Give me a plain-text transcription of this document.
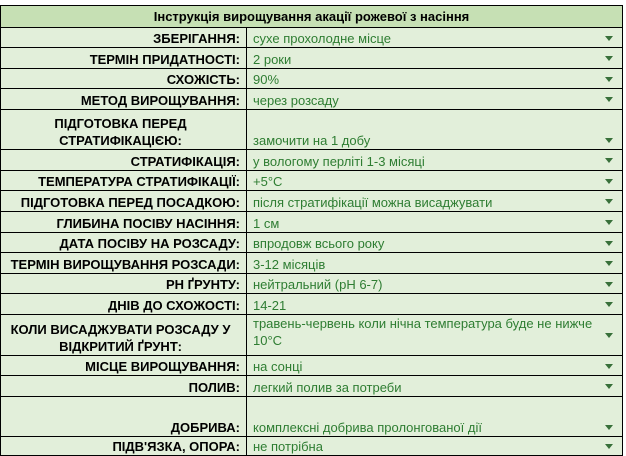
Інструкція вирощування акації рожевої з насіння	
ЗБЕРІГАННЯ:	сухе прохолодне місце

ТЕРМІН ПРИДАТНОСТІ:	2 роки

СХОЖІСТЬ:	90%

МЕТОД ВИРОЩУВАННЯ:	через розсаду

ПІДГОТОВКА ПЕРЕД СТРАТИФІКАЦІЄЮ:	замочити на 1 добу

СТРАТИФІКАЦІЯ:	у вологому перліті 1-3 місяці

ТЕМПЕРАТУРА СТРАТИФІКАЦІЇ:	+5°C

ПІДГОТОВКА ПЕРЕД ПОСАДКОЮ:	після стратифікації можна висаджувати

ГЛИБИНА ПОСІВУ НАСІННЯ:	1 см

ДАТА ПОСІВУ НА РОЗСАДУ:	впродовж всього року

ТЕРМІН ВИРОЩУВАННЯ РОЗСАДИ:	3-12 місяців

PH ҐРУНТУ:	нейтральний (pH 6-7)

ДНІВ ДО СХОЖОСТІ:	14-21

КОЛИ ВИСАДЖУВАТИ РОЗСАДУ У ВІДКРИТИЙ ҐРУНТ:	травень-червень коли нічна температура буде не нижче 10°C

МІСЦЕ ВИРОЩУВАННЯ:	на сонці

ПОЛИВ:	легкий полив за потреби

ДОБРИВА:	комплексні добрива пролонгованої дії

ПІДВ'ЯЗКА, ОПОРА:	не потрібна
